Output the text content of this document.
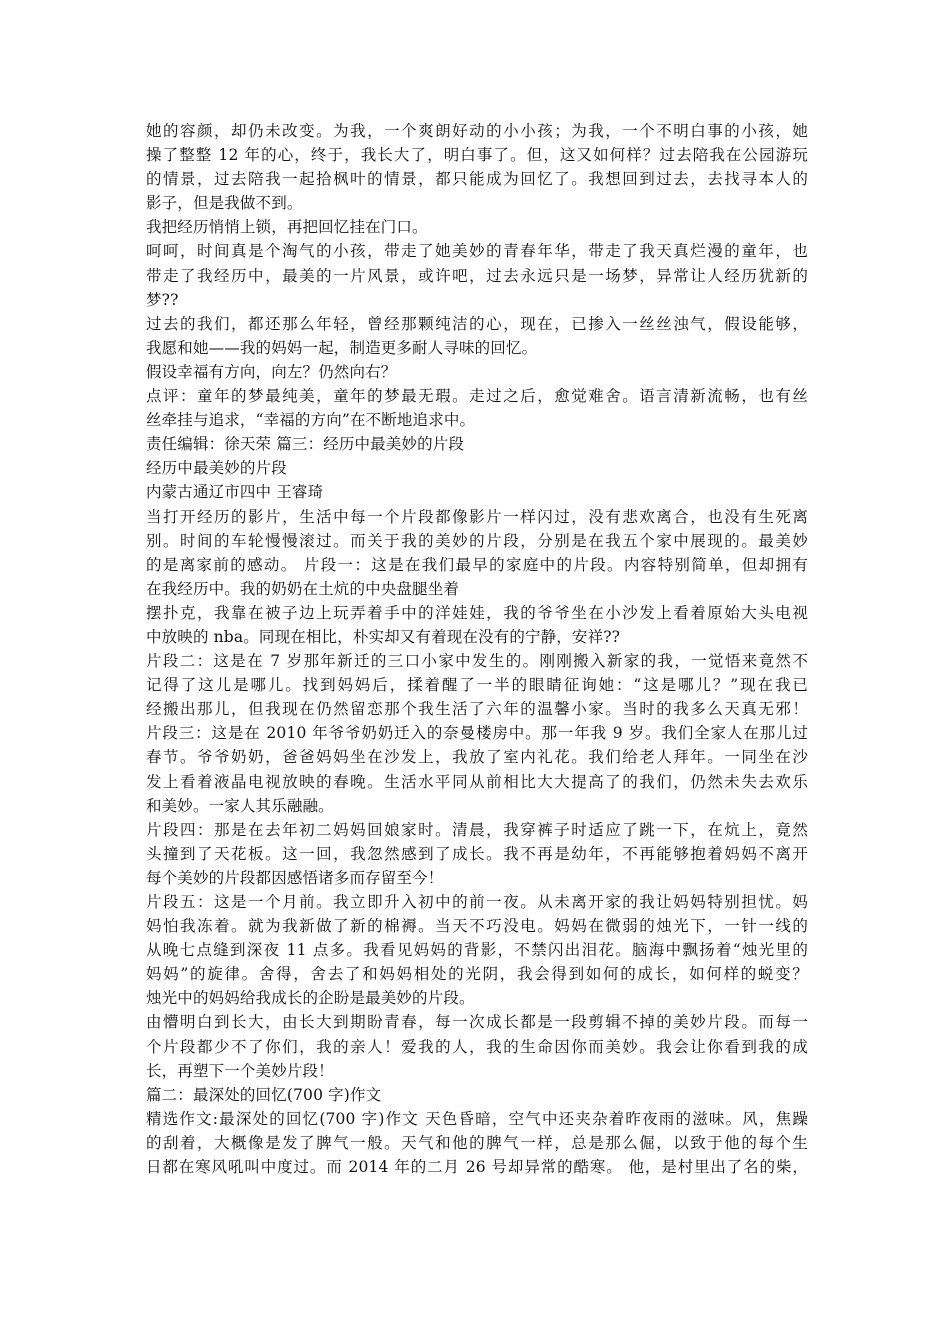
她的容颜，却仍未改变。为我，一个爽朗好动的小小孩；为我，一个不明白事的小孩，她
操了整整 12 年的心，终于，我长大了，明白事了。但，这又如何样？过去陪我在公园游玩
的情景，过去陪我一起拾枫叶的情景，都只能成为回忆了。我想回到过去，去找寻本人的
影子，但是我做不到。
我把经历悄悄上锁，再把回忆挂在门口。
呵呵，时间真是个淘气的小孩，带走了她美妙的青春年华，带走了我天真烂漫的童年，也
带走了我经历中，最美的一片风景，或许吧，过去永远只是一场梦，异常让人经历犹新的
梦??
过去的我们，都还那么年轻，曾经那颗纯洁的心，现在，已掺入一丝丝浊气，假设能够，
我愿和她——我的妈妈一起，制造更多耐人寻味的回忆。
假设幸福有方向，向左？仍然向右？
点评：童年的梦最纯美，童年的梦最无瑕。走过之后，愈觉难舍。语言清新流畅，也有丝
丝牵挂与追求，“幸福的方向”在不断地追求中。
责任编辑：徐天荣 篇三：经历中最美妙的片段
经历中最美妙的片段
内蒙古通辽市四中 王睿琦
当打开经历的影片，生活中每一个片段都像影片一样闪过，没有悲欢离合，也没有生死离
别。时间的车轮慢慢滚过。而关于我的美妙的片段，分别是在我五个家中展现的。最美妙
的是离家前的感动。 片段一：这是在我们最早的家庭中的片段。内容特别简单，但却拥有
在我经历中。我的奶奶在土炕的中央盘腿坐着
摆扑克，我靠在被子边上玩弄着手中的洋娃娃，我的爷爷坐在小沙发上看着原始大头电视
中放映的 nba。同现在相比，朴实却又有着现在没有的宁静，安祥??
片段二：这是在 7 岁那年新迁的三口小家中发生的。刚刚搬入新家的我，一觉悟来竟然不
记得了这儿是哪儿。找到妈妈后，揉着醒了一半的眼睛征询她：“这是哪儿？”现在我已
经搬出那儿，但我现在仍然留恋那个我生活了六年的温馨小家。当时的我多么天真无邪！
片段三：这是在 2010 年爷爷奶奶迁入的奈曼楼房中。那一年我 9 岁。我们全家人在那儿过
春节。爷爷奶奶，爸爸妈妈坐在沙发上，我放了室内礼花。我们给老人拜年。一同坐在沙
发上看着液晶电视放映的春晚。生活水平同从前相比大大提高了的我们，仍然未失去欢乐
和美妙。一家人其乐融融。
片段四：那是在去年初二妈妈回娘家时。清晨，我穿裤子时适应了跳一下，在炕上，竟然
头撞到了天花板。这一回，我忽然感到了成长。我不再是幼年，不再能够抱着妈妈不离开
每个美妙的片段都因感悟诸多而存留至今！
片段五：这是一个月前。我立即升入初中的前一夜。从未离开家的我让妈妈特别担忧。妈
妈怕我冻着。就为我新做了新的棉褥。当天不巧没电。妈妈在微弱的烛光下，一针一线的
从晚七点缝到深夜 11 点多。我看见妈妈的背影，不禁闪出泪花。脑海中飘扬着“烛光里的
妈妈”的旋律。舍得，舍去了和妈妈相处的光阴，我会得到如何的成长，如何样的蜕变？
烛光中的妈妈给我成长的企盼是最美妙的片段。
由懵明白到长大，由长大到期盼青春，每一次成长都是一段剪辑不掉的美妙片段。而每一
个片段都少不了你们，我的亲人！爱我的人，我的生命因你而美妙。我会让你看到我的成
长，再塑下一个美妙片段！
篇二：最深处的回忆(700 字)作文
精选作文:最深处的回忆(700 字)作文 天色昏暗，空气中还夹杂着昨夜雨的滋味。风，焦躁
的刮着，大概像是发了脾气一般。天气和他的脾气一样，总是那么倔，以致于他的每个生
日都在寒风吼叫中度过。而 2014 年的二月 26 号却异常的酷寒。 他，是村里出了名的柴，
